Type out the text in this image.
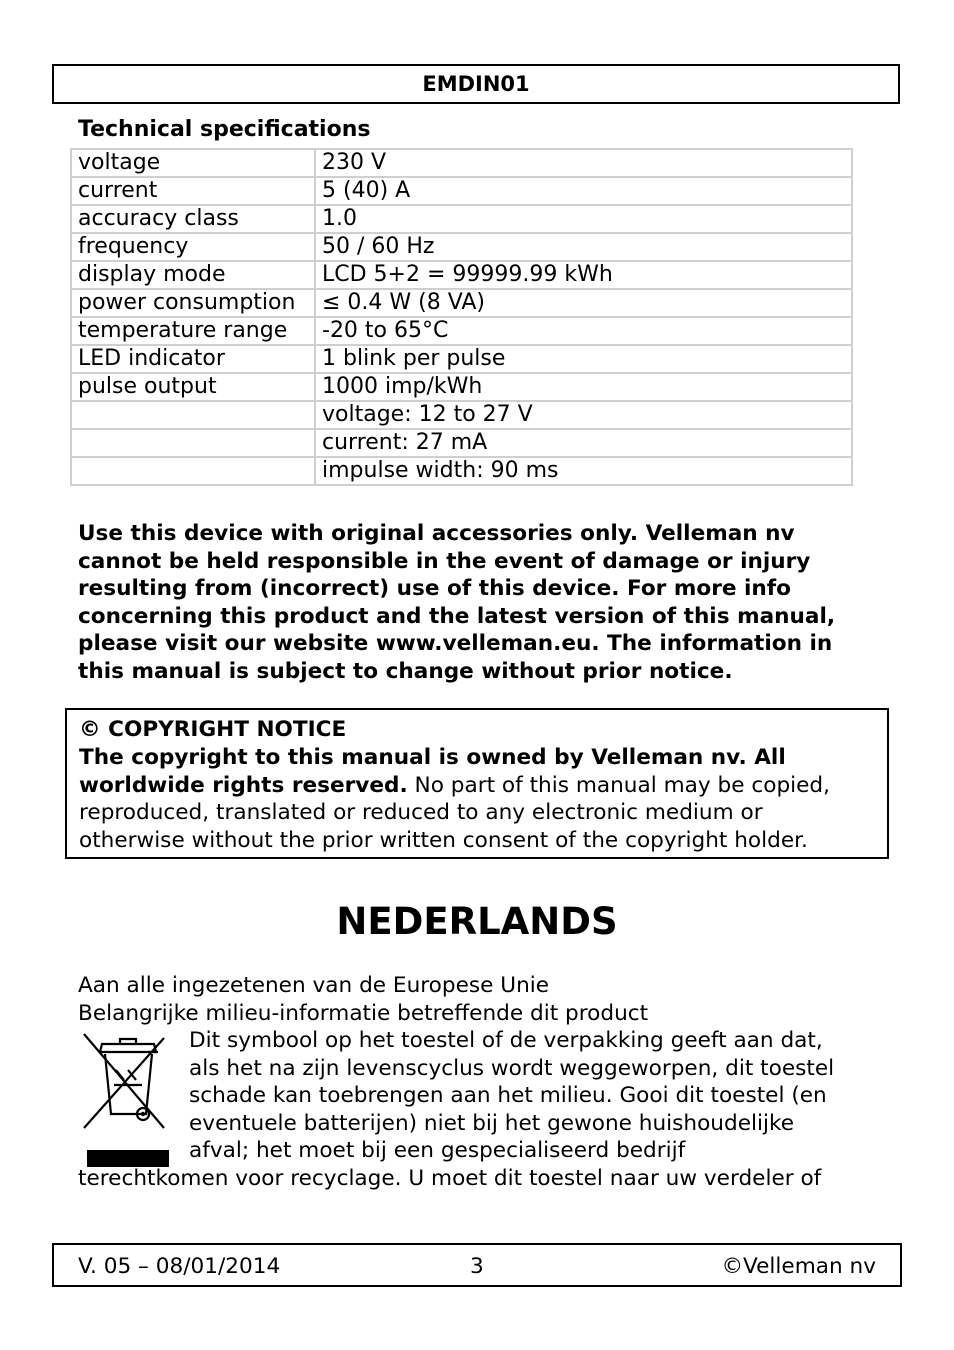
EMDIN01
Technical specifications
voltage	230 V
current	5 (40) A
accuracy class	1.0
frequency	50 / 60 Hz
display mode	LCD 5+2 = 99999.99 kWh
power consumption	≤ 0.4 W (8 VA)
temperature range	-20 to 65°C
LED indicator	1 blink per pulse
pulse output	1000 imp/kWh
	voltage: 12 to 27 V
	current: 27 mA
	impulse width: 90 ms
Use this device with original accessories only. Velleman nv
cannot be held responsible in the event of damage or injury
resulting from (incorrect) use of this device. For more info
concerning this product and the latest version of this manual,
please visit our website www.velleman.eu. The information in
this manual is subject to change without prior notice.
© COPYRIGHT NOTICE
The copyright to this manual is owned by Velleman nv. All
worldwide rights reserved. No part of this manual may be copied,
reproduced, translated or reduced to any electronic medium or
otherwise without the prior written consent of the copyright holder.
NEDERLANDS
Aan alle ingezetenen van de Europese Unie
Belangrijke milieu-informatie betreffende dit product
Dit symbool op het toestel of de verpakking geeft aan dat,
als het na zijn levenscyclus wordt weggeworpen, dit toestel
schade kan toebrengen aan het milieu. Gooi dit toestel (en
eventuele batterijen) niet bij het gewone huishoudelijke
afval; het moet bij een gespecialiseerd bedrijf
terechtkomen voor recyclage. U moet dit toestel naar uw verdeler of
V. 05 – 08/01/2014	3	©Velleman nv
